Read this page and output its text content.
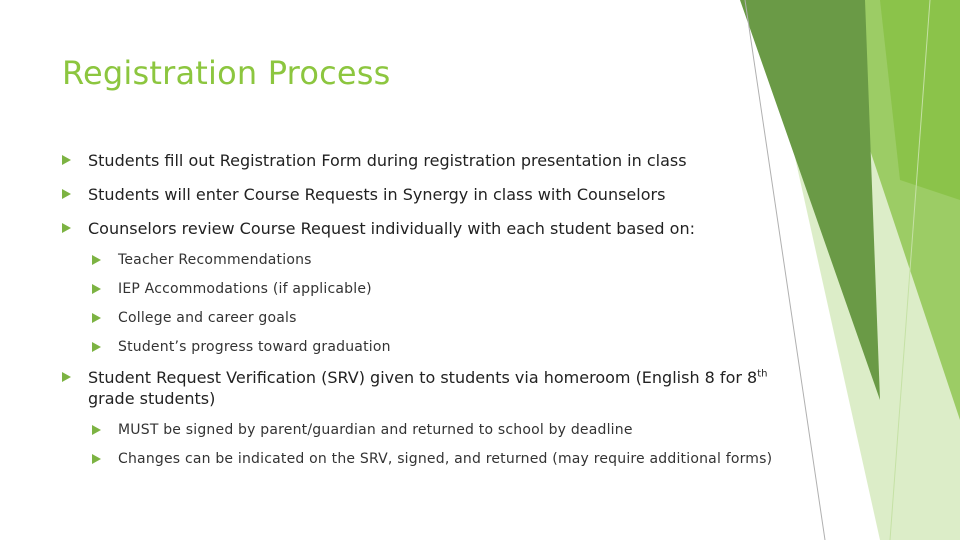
Registration Process
Students fill out Registration Form during registration presentation in class
Students will enter Course Requests in Synergy in class with Counselors
Counselors review Course Request individually with each student based on:
Teacher Recommendations
IEP Accommodations (if applicable)
College and career goals
Student’s progress toward graduation
Student Request Verification (SRV) given to students via homeroom (English 8 for 8th grade students)
MUST be signed by parent/guardian and returned to school by deadline
Changes can be indicated on the SRV, signed, and returned (may require additional forms)
